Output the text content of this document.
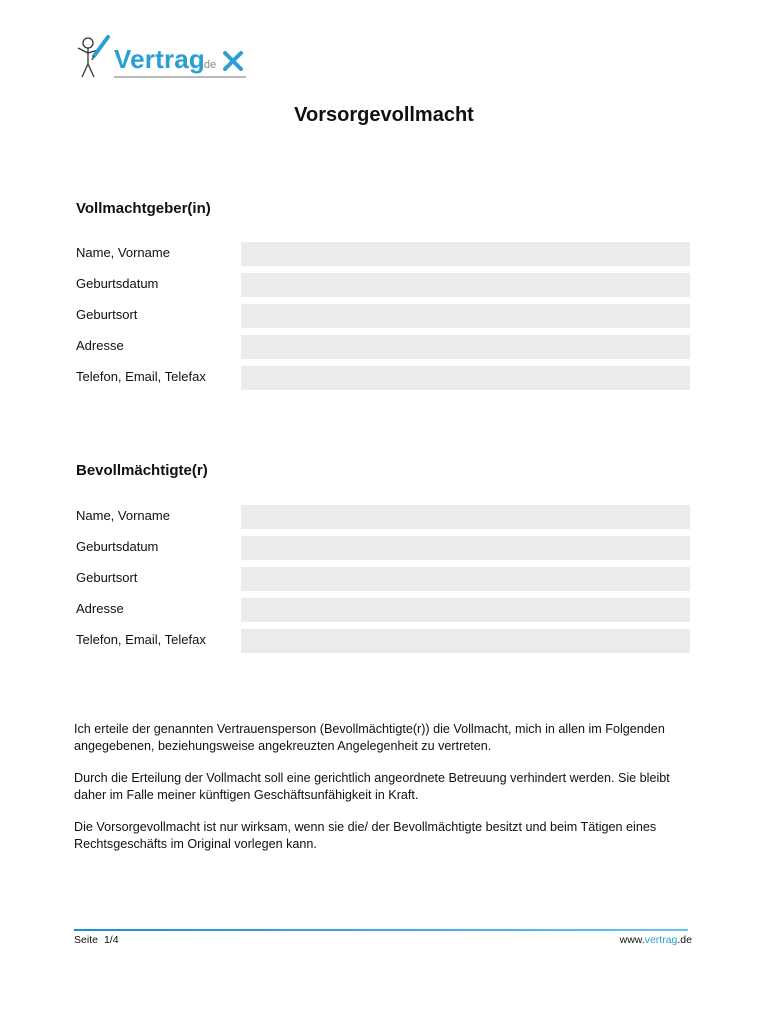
Vertrag
de
Vorsorgevollmacht
Vollmachtgeber(in)
Name, Vorname
Geburtsdatum
Geburtsort
Adresse
Telefon, Email, Telefax
Bevollmächtigte(r)
Name, Vorname
Geburtsdatum
Geburtsort
Adresse
Telefon, Email, Telefax

Ich erteile der genannten Vertrauensperson (Bevollmächtigte(r)) die Vollmacht, mich in allen im Folgenden angegebenen, beziehungsweise angekreuzten Angelegenheit zu vertreten.

Durch die Erteilung der Vollmacht soll eine gerichtlich angeordnete Betreuung verhindert werden. Sie bleibt daher im Falle meiner künftigen Geschäftsunfähigkeit in Kraft.

Die Vorsorgevollmacht ist nur wirksam, wenn sie die/ der Bevollmächtigte besitzt und beim Tätigen eines Rechtsgeschäfts im Original vorlegen kann.

Seite 1/4	www.vertrag.de
